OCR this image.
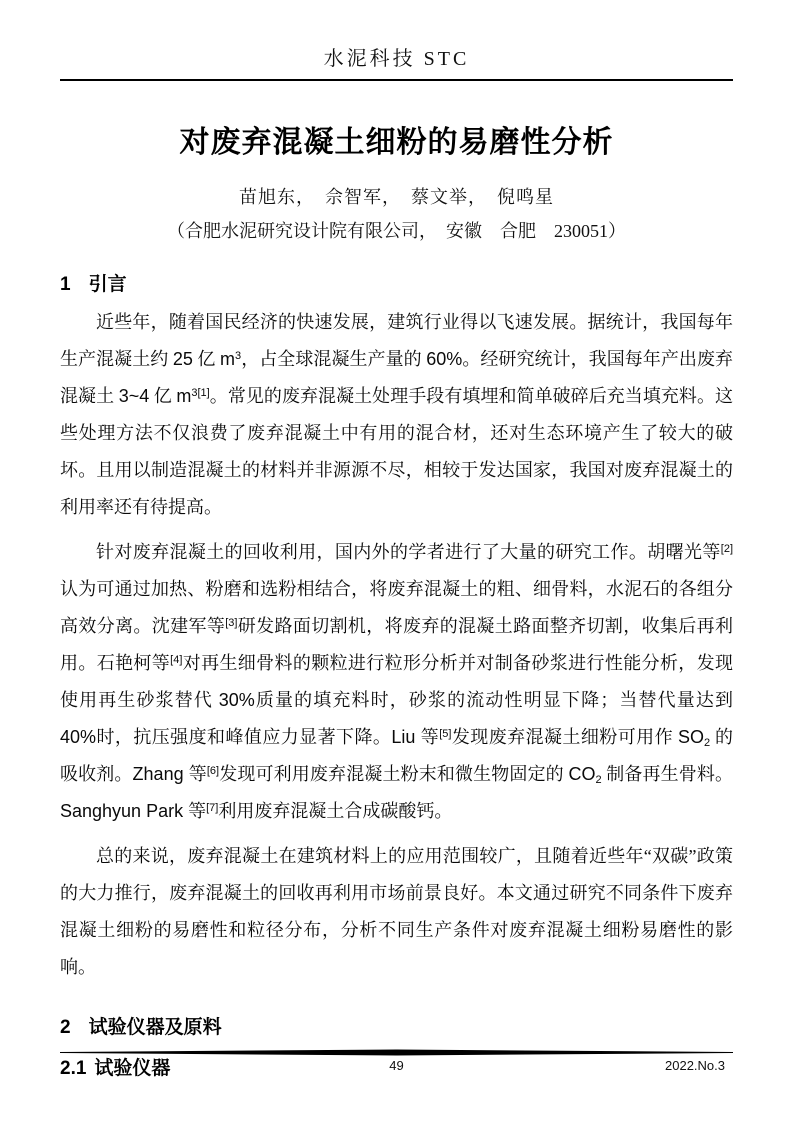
水泥科技 STC
对废弃混凝土细粉的易磨性分析
苗旭东，　佘智军，　蔡文举，　倪鸣星
（合肥水泥研究设计院有限公司，　安徽　合肥　230051）
1 引言

近些年，随着国民经济的快速发展，建筑行业得以飞速发展。据统计，我国每年生产混凝土约 25 亿 $m^3$，占全球混凝生产量的 60%。经研究统计，我国每年产出废弃混凝土 3~4 亿 $m^{3[1]}$。常见的废弃混凝土处理手段有填埋和简单破碎后充当填充料。这些处理方法不仅浪费了废弃混凝土中有用的混合材，还对生态环境产生了较大的破坏。且用以制造混凝土的材料并非源源不尽，相较于发达国家，我国对废弃混凝土的利用率还有待提高。

针对废弃混凝土的回收利用，国内外的学者进行了大量的研究工作。胡曙光等[2]认为可通过加热、粉磨和选粉相结合，将废弃混凝土的粗、细骨料，水泥石的各组分高效分离。沈建军等[3]研发路面切割机，将废弃的混凝土路面整齐切割，收集后再利用。石艳柯等[4]对再生细骨料的颗粒进行粒形分析并对制备砂浆进行性能分析，发现使用再生砂浆替代 30%质量的填充料时，砂浆的流动性明显下降；当替代量达到 40%时，抗压强度和峰值应力显著下降。Liu 等[5]发现废弃混凝土细粉可用作 $SO_2$ 的吸收剂。Zhang 等[6]发现可利用废弃混凝土粉末和微生物固定的 $CO_2$ 制备再生骨料。Sanghyun Park 等[7]利用废弃混凝土合成碳酸钙。

总的来说，废弃混凝土在建筑材料上的应用范围较广，且随着近些年“双碳”政策的大力推行，废弃混凝土的回收再利用市场前景良好。本文通过研究不同条件下废弃混凝土细粉的易磨性和粒径分布，分析不同生产条件对废弃混凝土细粉易磨性的影响。

2 试验仪器及原料
2.1 试验仪器	49	2022.No.3
